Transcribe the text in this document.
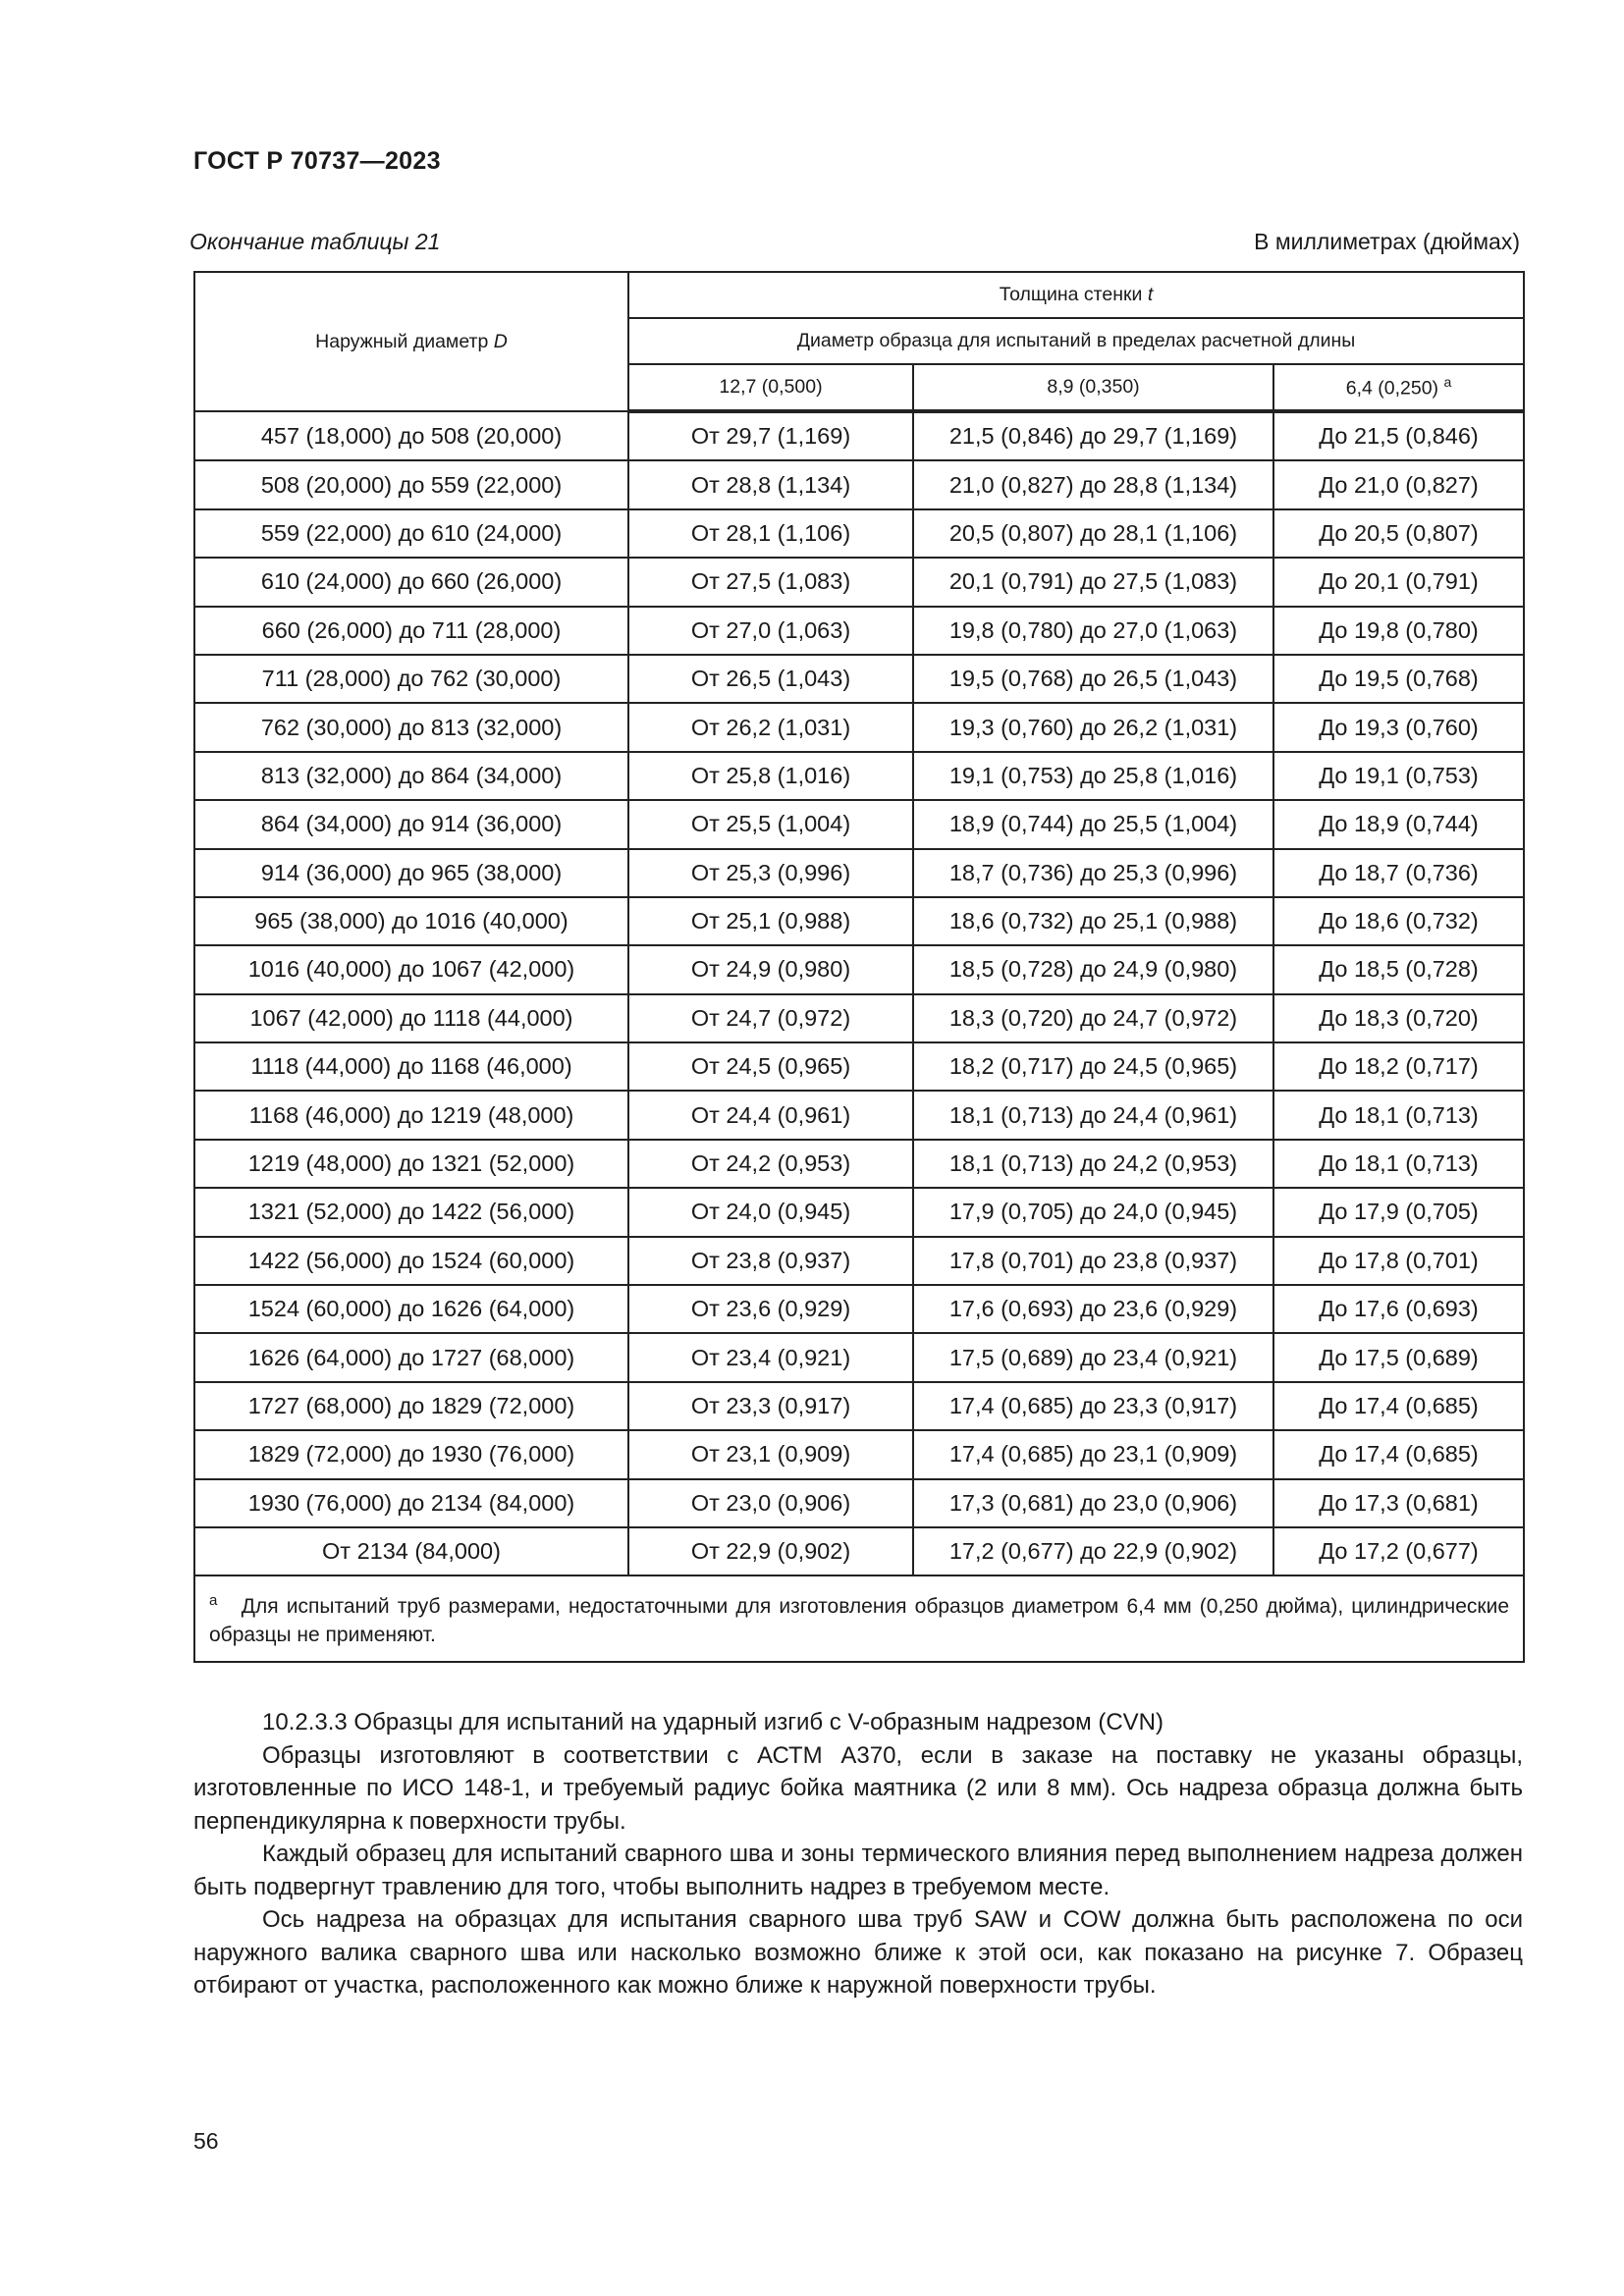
ГОСТ Р 70737—2023
Окончание таблицы 21	В миллиметрах (дюймах)
Наружный диаметр D	Толщина стенки t		
	Диаметр образца для испытаний в пределах расчетной длины		
	12,7 (0,500)	8,9 (0,350)	6,4 (0,250) $^a$
457 (18,000) до 508 (20,000)	От 29,7 (1,169)	21,5 (0,846) до 29,7 (1,169)	До 21,5 (0,846)
508 (20,000) до 559 (22,000)	От 28,8 (1,134)	21,0 (0,827) до 28,8 (1,134)	До 21,0 (0,827)
559 (22,000) до 610 (24,000)	От 28,1 (1,106)	20,5 (0,807) до 28,1 (1,106)	До 20,5 (0,807)
610 (24,000) до 660 (26,000)	От 27,5 (1,083)	20,1 (0,791) до 27,5 (1,083)	До 20,1 (0,791)
660 (26,000) до 711 (28,000)	От 27,0 (1,063)	19,8 (0,780) до 27,0 (1,063)	До 19,8 (0,780)
711 (28,000) до 762 (30,000)	От 26,5 (1,043)	19,5 (0,768) до 26,5 (1,043)	До 19,5 (0,768)
762 (30,000) до 813 (32,000)	От 26,2 (1,031)	19,3 (0,760) до 26,2 (1,031)	До 19,3 (0,760)
813 (32,000) до 864 (34,000)	От 25,8 (1,016)	19,1 (0,753) до 25,8 (1,016)	До 19,1 (0,753)
864 (34,000) до 914 (36,000)	От 25,5 (1,004)	18,9 (0,744) до 25,5 (1,004)	До 18,9 (0,744)
914 (36,000) до 965 (38,000)	От 25,3 (0,996)	18,7 (0,736) до 25,3 (0,996)	До 18,7 (0,736)
965 (38,000) до 1016 (40,000)	От 25,1 (0,988)	18,6 (0,732) до 25,1 (0,988)	До 18,6 (0,732)
1016 (40,000) до 1067 (42,000)	От 24,9 (0,980)	18,5 (0,728) до 24,9 (0,980)	До 18,5 (0,728)
1067 (42,000) до 1118 (44,000)	От 24,7 (0,972)	18,3 (0,720) до 24,7 (0,972)	До 18,3 (0,720)
1118 (44,000) до 1168 (46,000)	От 24,5 (0,965)	18,2 (0,717) до 24,5 (0,965)	До 18,2 (0,717)
1168 (46,000) до 1219 (48,000)	От 24,4 (0,961)	18,1 (0,713) до 24,4 (0,961)	До 18,1 (0,713)
1219 (48,000) до 1321 (52,000)	От 24,2 (0,953)	18,1 (0,713) до 24,2 (0,953)	До 18,1 (0,713)
1321 (52,000) до 1422 (56,000)	От 24,0 (0,945)	17,9 (0,705) до 24,0 (0,945)	До 17,9 (0,705)
1422 (56,000) до 1524 (60,000)	От 23,8 (0,937)	17,8 (0,701) до 23,8 (0,937)	До 17,8 (0,701)
1524 (60,000) до 1626 (64,000)	От 23,6 (0,929)	17,6 (0,693) до 23,6 (0,929)	До 17,6 (0,693)
1626 (64,000) до 1727 (68,000)	От 23,4 (0,921)	17,5 (0,689) до 23,4 (0,921)	До 17,5 (0,689)
1727 (68,000) до 1829 (72,000)	От 23,3 (0,917)	17,4 (0,685) до 23,3 (0,917)	До 17,4 (0,685)
1829 (72,000) до 1930 (76,000)	От 23,1 (0,909)	17,4 (0,685) до 23,1 (0,909)	До 17,4 (0,685)
1930 (76,000) до 2134 (84,000)	От 23,0 (0,906)	17,3 (0,681) до 23,0 (0,906)	До 17,3 (0,681)
От 2134 (84,000)	От 22,9 (0,902)	17,2 (0,677) до 22,9 (0,902)	До 17,2 (0,677)
$^a$ Для испытаний труб размерами, недостаточными для изготовления образцов диаметром 6,4 мм (0,250 дюйма), цилиндрические образцы не применяют.			

10.2.3.3 Образцы для испытаний на ударный изгиб с V-образным надрезом (CVN)

Образцы изготовляют в соответствии с АСТМ А370, если в заказе на поставку не указаны образцы, изготовленные по ИСО 148-1, и требуемый радиус бойка маятника (2 или 8 мм). Ось надреза образца должна быть перпендикулярна к поверхности трубы.

Каждый образец для испытаний сварного шва и зоны термического влияния перед выполнением надреза должен быть подвергнут травлению для того, чтобы выполнить надрез в требуемом месте.

Ось надреза на образцах для испытания сварного шва труб SAW и COW должна быть расположена по оси наружного валика сварного шва или насколько возможно ближе к этой оси, как показано на рисунке 7. Образец отбирают от участка, расположенного как можно ближе к наружной поверхности трубы.

56
